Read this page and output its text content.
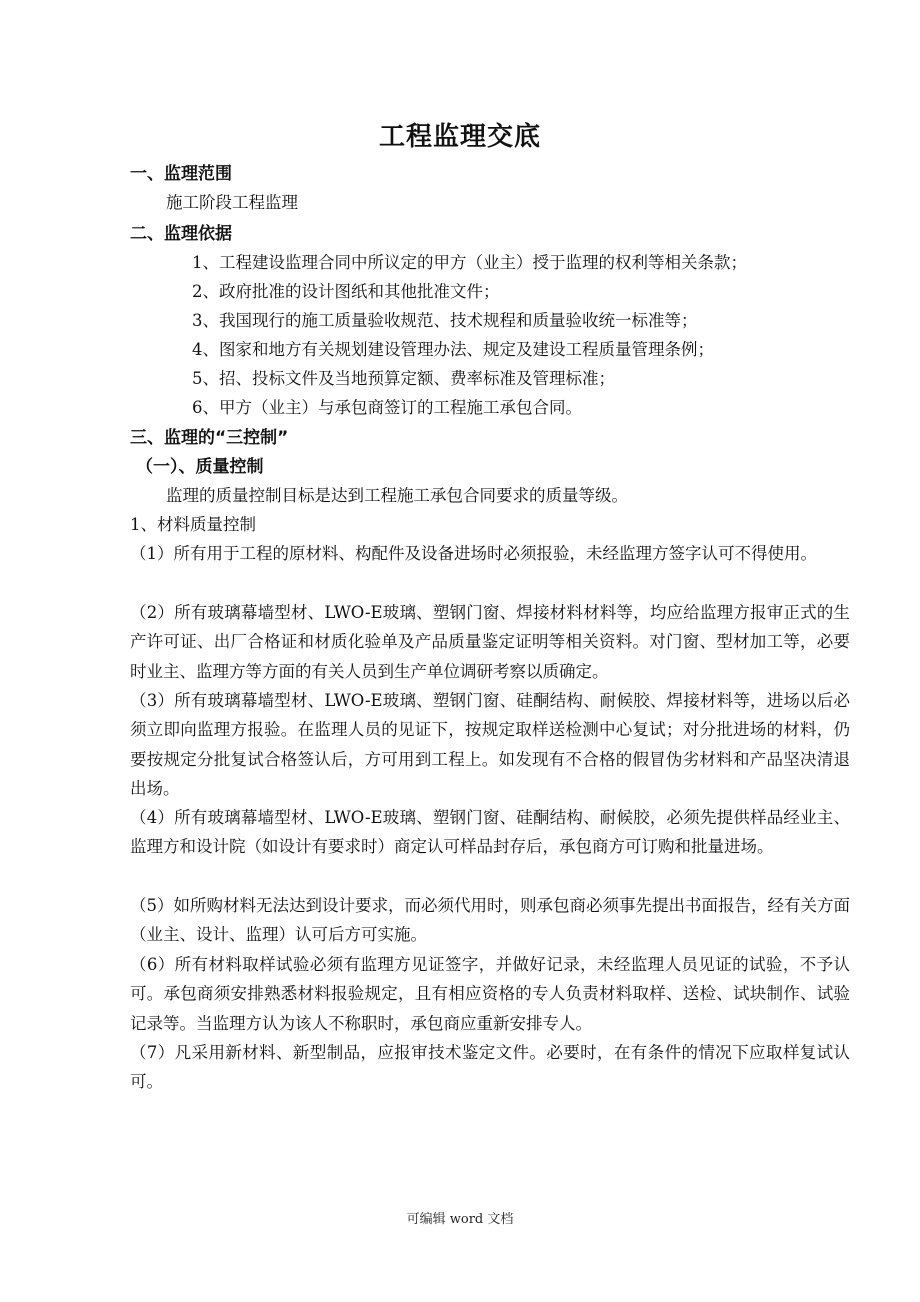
工程监理交底
一、监理范围
施工阶段工程监理
二、监理依据
1、工程建设监理合同中所议定的甲方（业主）授于监理的权利等相关条款；
2、政府批准的设计图纸和其他批准文件；
3、我国现行的施工质量验收规范、技术规程和质量验收统一标准等；
4、图家和地方有关规划建设管理办法、规定及建设工程质量管理条例；
5、招、投标文件及当地预算定额、费率标准及管理标准；
6、甲方（业主）与承包商签订的工程施工承包合同。
三、监理的“三控制”
（一）、质量控制
监理的质量控制目标是达到工程施工承包合同要求的质量等级。
1、材料质量控制
（1）所有用于工程的原材料、构配件及设备进场时必须报验，未经监理方签字认可不得使用。
（2）所有玻璃幕墙型材、LWO-E玻璃、塑钢门窗、焊接材料材料等，均应给监理方报审正式的生产许可证、出厂合格证和材质化验单及产品质量鉴定证明等相关资料。对门窗、型材加工等，必要时业主、监理方等方面的有关人员到生产单位调研考察以质确定。
（3）所有玻璃幕墙型材、LWO-E玻璃、塑钢门窗、硅酮结构、耐候胶、焊接材料等，进场以后必须立即向监理方报验。在监理人员的见证下，按规定取样送检测中心复试；对分批进场的材料，仍要按规定分批复试合格签认后，方可用到工程上。如发现有不合格的假冒伪劣材料和产品坚决清退出场。
（4）所有玻璃幕墙型材、LWO-E玻璃、塑钢门窗、硅酮结构、耐候胶，必须先提供样品经业主、监理方和设计院（如设计有要求时）商定认可样品封存后，承包商方可订购和批量进场。
（5）如所购材料无法达到设计要求，而必须代用时，则承包商必须事先提出书面报告，经有关方面（业主、设计、监理）认可后方可实施。
（6）所有材料取样试验必须有监理方见证签字，并做好记录，未经监理人员见证的试验，不予认可。承包商须安排熟悉材料报验规定，且有相应资格的专人负责材料取样、送检、试块制作、试验记录等。当监理方认为该人不称职时，承包商应重新安排专人。
（7）凡采用新材料、新型制品，应报审技术鉴定文件。必要时，在有条件的情况下应取样复试认可。
可编辑 word 文档
